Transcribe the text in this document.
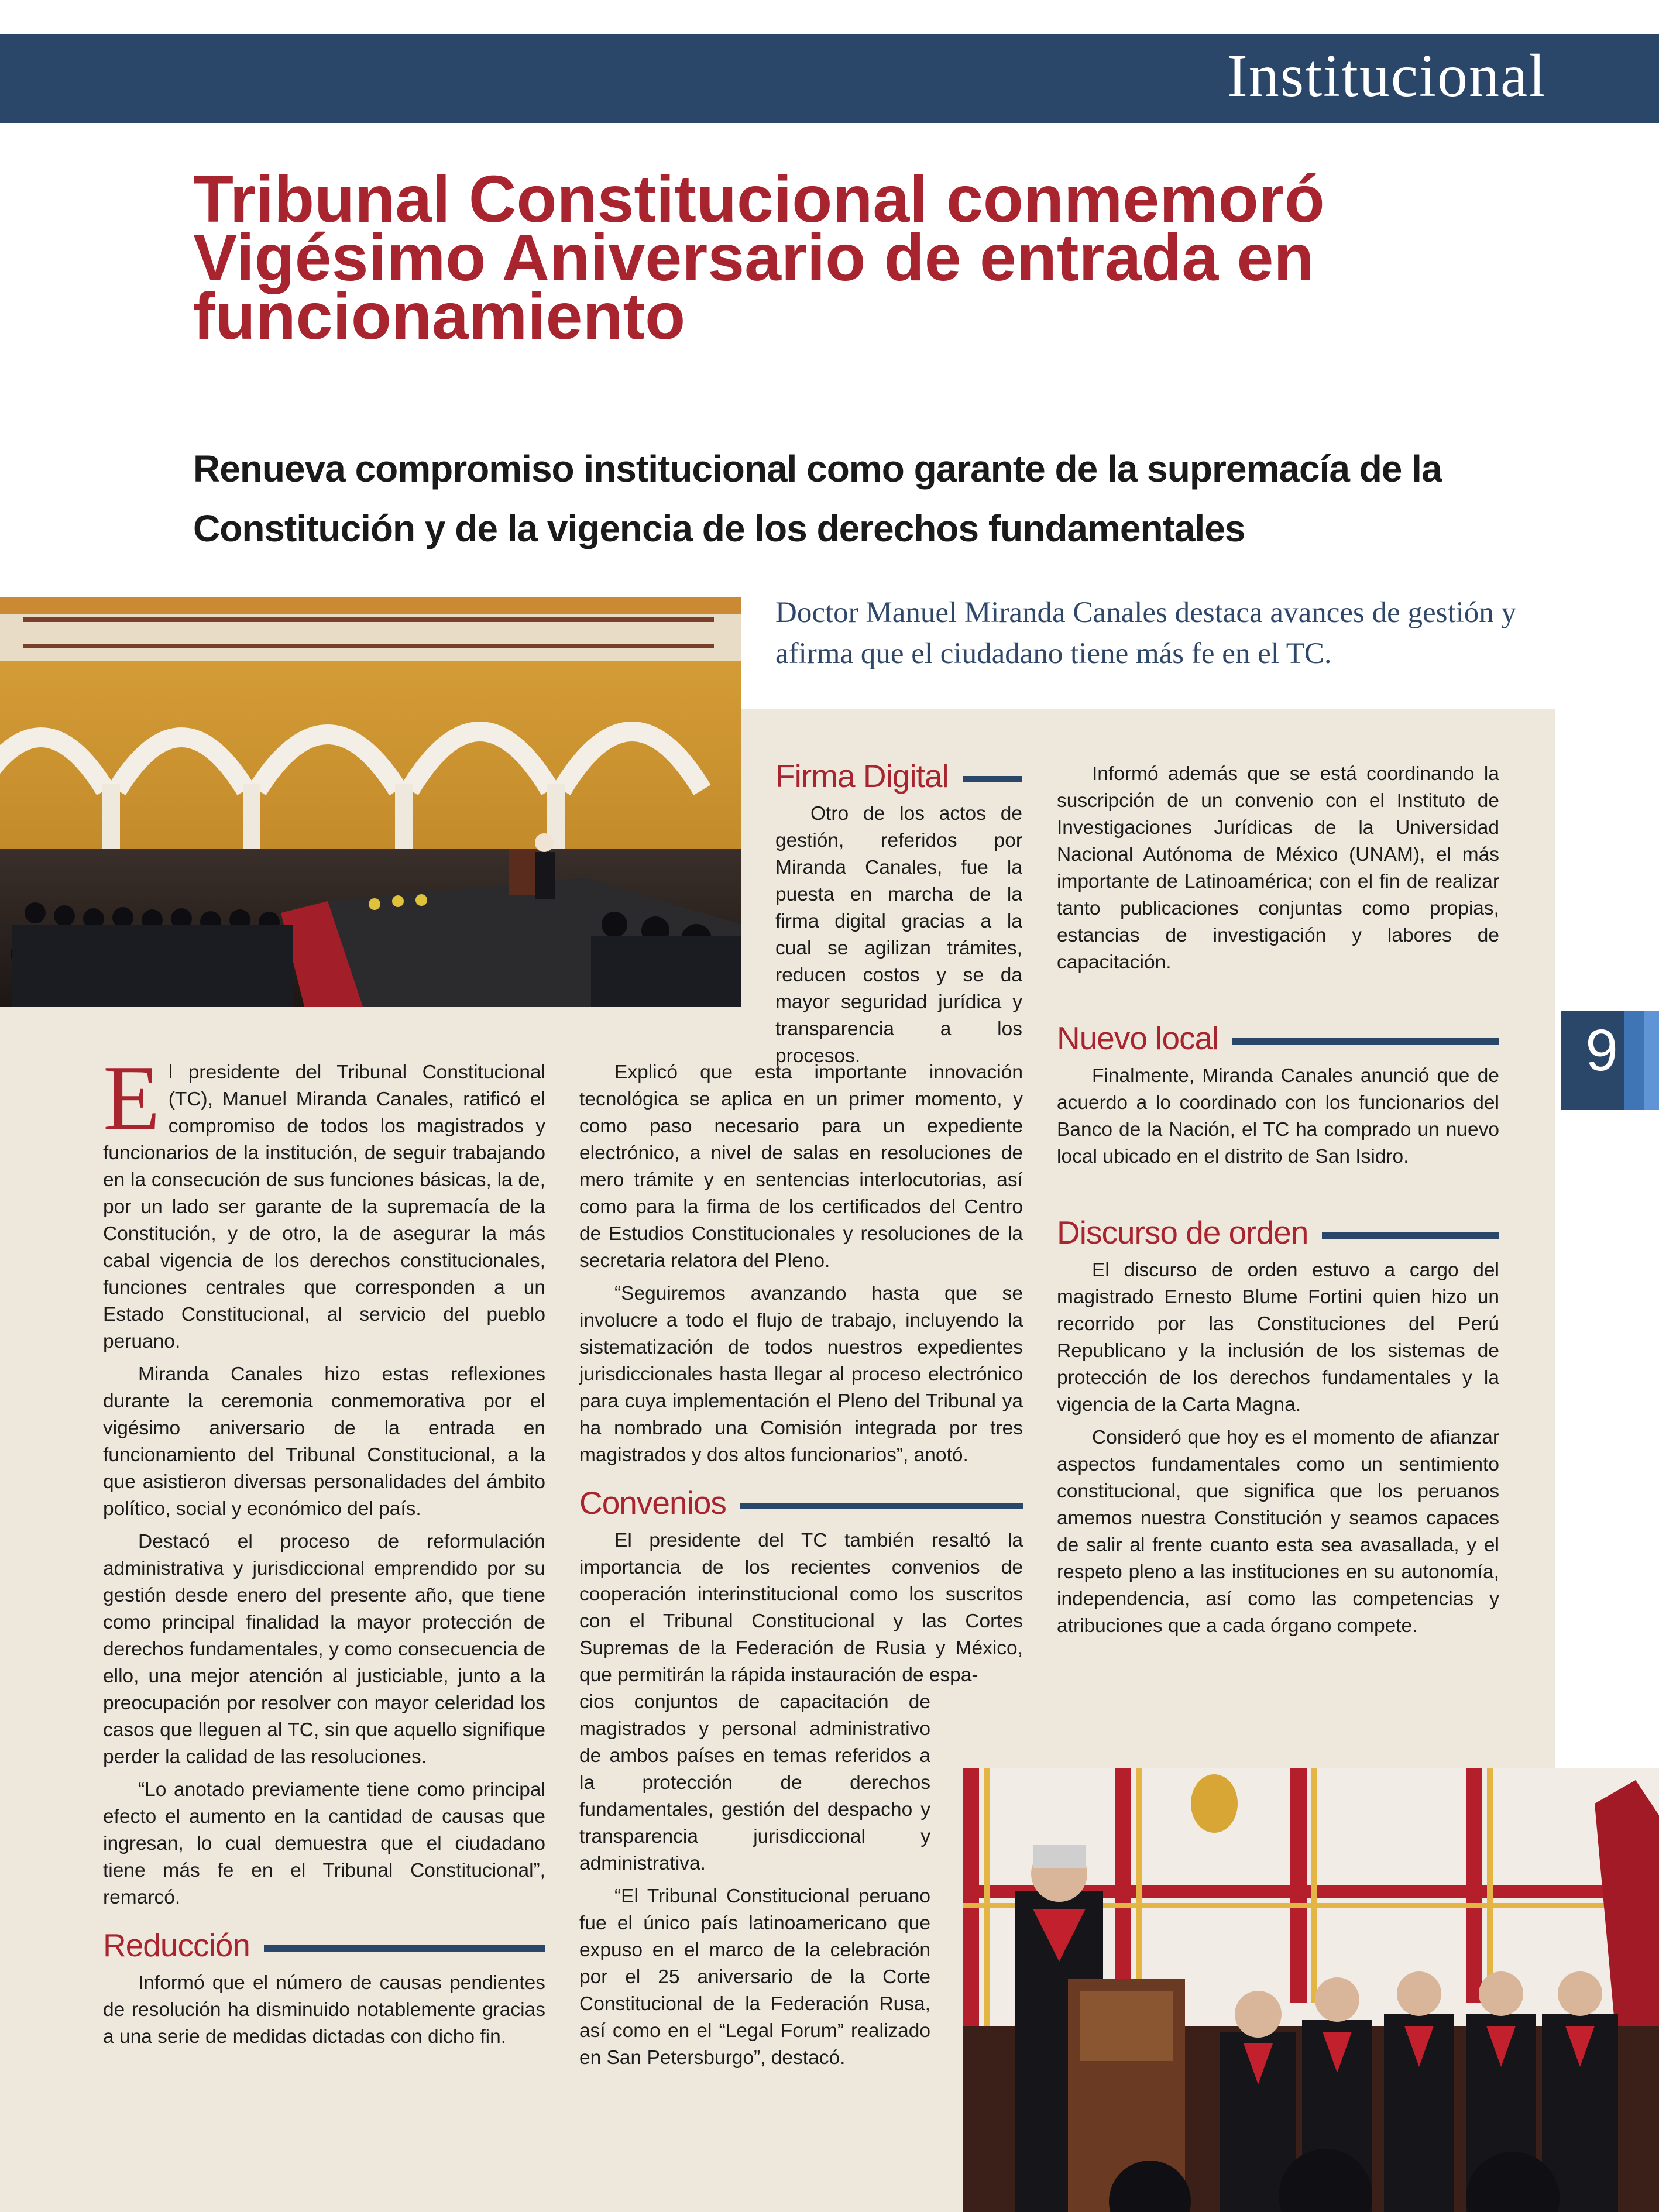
Institucional
Tribunal Constitucional conmemoró Vigésimo Aniversario de entrada en funcionamiento
Renueva compromiso institucional como garante de la supremacía de la Constitución y de la vigencia de los derechos fundamentales

Doctor Manuel Miranda Canales destaca avances de gestión y afirma que el ciudadano tiene más fe en el TC.

El presidente del Tribunal Constitucional (TC), Manuel Miranda Canales, ratificó el compromiso de todos los magistrados y funcionarios de la institución, de seguir trabajando en la consecución de sus funciones básicas, la de, por un lado ser garante de la supremacía de la Constitución, y de otro, la de asegurar la más cabal vigencia de los derechos constitucionales, funciones centrales que corresponden a un Estado Constitucional, al servicio del pueblo peruano.

Miranda Canales hizo estas reflexiones durante la ceremonia conmemorativa por el vigésimo aniversario de la entrada en funcionamiento del Tribunal Constitucional, a la que asistieron diversas personalidades del ámbito político, social y económico del país.

Destacó el proceso de reformulación administrativa y jurisdiccional emprendido por su gestión desde enero del presente año, que tiene como principal finalidad la mayor protección de derechos fundamentales, y como consecuencia de ello, una mejor atención al justiciable, junto a la preocupación por resolver con mayor celeridad los casos que lleguen al TC, sin que aquello signifique perder la calidad de las resoluciones.

“Lo anotado previamente tiene como principal efecto el aumento en la cantidad de causas que ingresan, lo cual demuestra que el ciudadano tiene más fe en el Tribunal Constitucional”, remarcó.

Reducción

Informó que el número de causas pendientes de resolución ha disminuido notablemente gracias a una serie de medidas dictadas con dicho fin.

Firma Digital

Otro de los actos de gestión, referidos por Miranda Canales, fue la puesta en marcha de la firma digital gracias a la cual se agilizan trámites, reducen costos y se da mayor seguridad jurídica y transparencia a los procesos.

Explicó que esta importante innovación tecnológica se aplica en un primer momento, y como paso necesario para un expediente electrónico, a nivel de salas en resoluciones de mero trámite y en sentencias interlocutorias, así como para la firma de los certificados del Centro de Estudios Constitucionales y resoluciones de la secretaria relatora del Pleno.

“Seguiremos avanzando hasta que se involucre a todo el flujo de trabajo, incluyendo la sistematización de todos nuestros expedientes jurisdiccionales hasta llegar al proceso electrónico para cuya implementación el Pleno del Tribunal ya ha nombrado una Comisión integrada por tres magistrados y dos altos funcionarios”, anotó.

Convenios

El presidente del TC también resaltó la importancia de los recientes convenios de cooperación interinstitucional como los suscritos con el Tribunal Constitucional y las Cortes Supremas de la Federación de Rusia y México, que permitirán la rápida instauración de espa-

cios conjuntos de capacitación de magistrados y personal administrativo de ambos países en temas referidos a la protección de derechos fundamentales, gestión del despacho y transparencia jurisdiccional y administrativa.

“El Tribunal Constitucional peruano fue el único país latinoamericano que expuso en el marco de la celebración por el 25 aniversario de la Corte Constitucional de la Federación Rusa, así como en el “Legal Forum” realizado en San Petersburgo”, destacó.

Informó además que se está coordinando la suscripción de un convenio con el Instituto de Investigaciones Jurídicas de la Universidad Nacional Autónoma de México (UNAM), el más importante de Latinoamérica; con el fin de realizar tanto publicaciones conjuntas como propias, estancias de investigación y labores de capacitación.

Nuevo local

Finalmente, Miranda Canales anunció que de acuerdo a lo coordinado con los funcionarios del Banco de la Nación, el TC ha comprado un nuevo local ubicado en el distrito de San Isidro.

Discurso de orden

El discurso de orden estuvo a cargo del magistrado Ernesto Blume Fortini quien hizo un recorrido por las Constituciones del Perú Republicano y la inclusión de los sistemas de protección de los derechos fundamentales y la vigencia de la Carta Magna.

Consideró que hoy es el momento de afianzar aspectos fundamentales como un sentimiento constitucional, que significa que los peruanos amemos nuestra Constitución y seamos capaces de salir al frente cuanto esta sea avasallada, y el respeto pleno a las instituciones en su autonomía, independencia, así como las competencias y atribuciones que a cada órgano compete.

9
